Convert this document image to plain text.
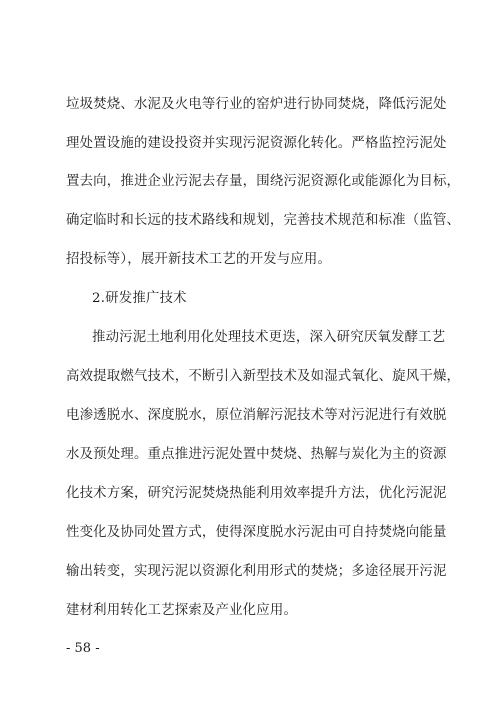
垃圾焚烧、水泥及火电等行业的窑炉进行协同焚烧，降低污泥处
理处置设施的建设投资并实现污泥资源化转化。严格监控污泥处
置去向，推进企业污泥去存量，围绕污泥资源化或能源化为目标，
确定临时和长远的技术路线和规划，完善技术规范和标准（监管、
招投标等），展开新技术工艺的开发与应用。
2.研发推广技术
推动污泥土地利用化处理技术更迭，深入研究厌氧发酵工艺
高效提取燃气技术，不断引入新型技术及如湿式氧化、旋风干燥，
电渗透脱水、深度脱水，原位消解污泥技术等对污泥进行有效脱
水及预处理。重点推进污泥处置中焚烧、热解与炭化为主的资源
化技术方案，研究污泥焚烧热能利用效率提升方法，优化污泥泥
性变化及协同处置方式，使得深度脱水污泥由可自持焚烧向能量
输出转变，实现污泥以资源化利用形式的焚烧；多途径展开污泥
建材利用转化工艺探索及产业化应用。
- 58 -
